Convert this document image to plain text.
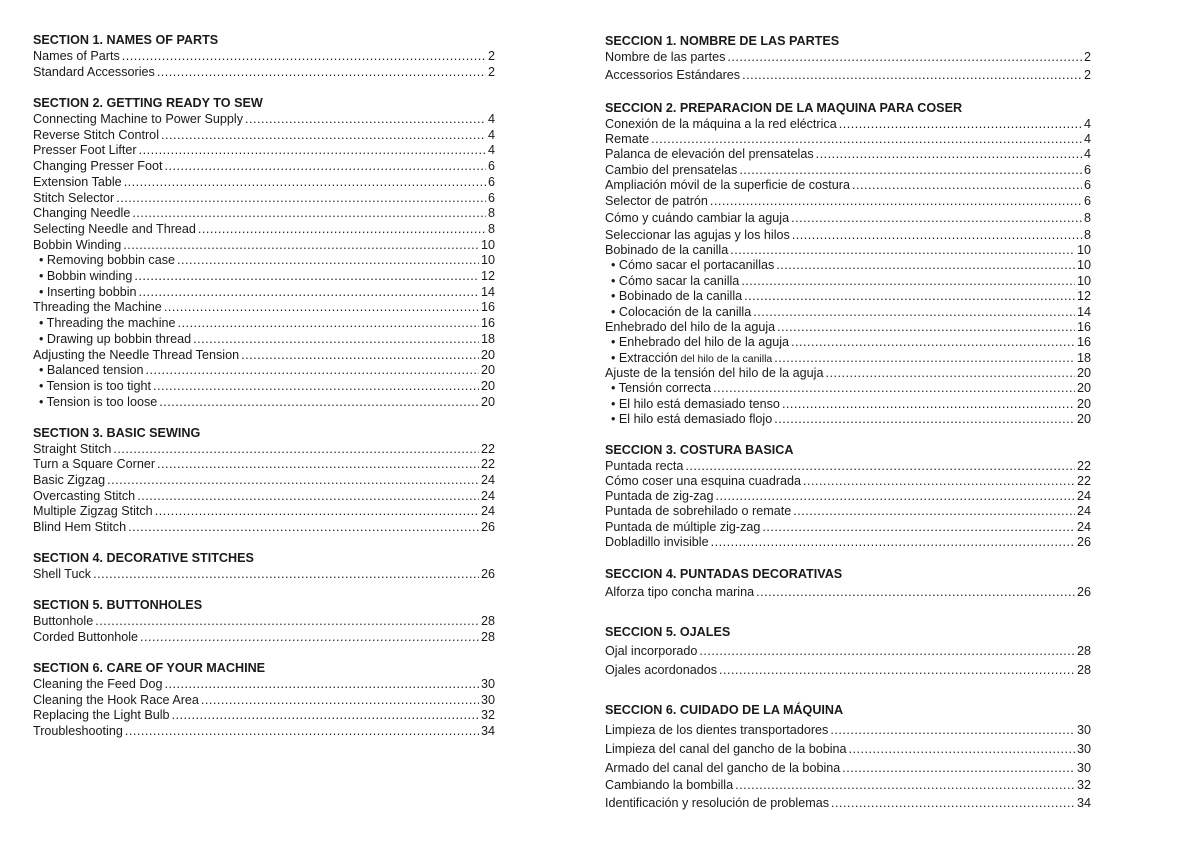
SECTION 1. NAMES OF PARTS
Names of Parts .....	2
Standard Accessories .....	2
SECTION 2. GETTING READY TO SEW
Connecting Machine to Power Supply .....	4
Reverse Stitch Control .....	4
Presser Foot Lifter .....	4
Changing Presser Foot .....	6
Extension Table .....	6
Stitch Selector .....	6
Changing Needle .....	8
Selecting Needle and Thread .....	8
Bobbin Winding .....	10
• Removing bobbin case .....	10
• Bobbin winding .....	12
• Inserting bobbin .....	14
Threading the Machine .....	16
• Threading the machine .....	16
• Drawing up bobbin thread .....	18
Adjusting the Needle Thread Tension .....	20
• Balanced tension .....	20
• Tension is too tight .....	20
• Tension is too loose .....	20
SECTION 3. BASIC SEWING
Straight Stitch .....	22
Turn a Square Corner .....	22
Basic Zigzag .....	24
Overcasting Stitch .....	24
Multiple Zigzag Stitch .....	24
Blind Hem Stitch .....	26
SECTION 4. DECORATIVE STITCHES
Shell Tuck .....	26
SECTION 5. BUTTONHOLES
Buttonhole .....	28
Corded Buttonhole .....	28
SECTION 6. CARE OF YOUR MACHINE
Cleaning the Feed Dog .....	30
Cleaning the Hook Race Area .....	30
Replacing the Light Bulb .....	32
Troubleshooting .....	34
SECCION 1. NOMBRE DE LAS PARTES
Nombre de las partes .....	2
Accessorios Estándares .....	2
SECCION 2. PREPARACION DE LA MAQUINA PARA COSER
Conexión de la máquina a la red eléctrica .....	4
Remate .....	4
Palanca de elevación del prensatelas .....	4
Cambio del prensatelas .....	6
Ampliación móvil de la superficie de costura .....	6
Selector de patrón .....	6
Cómo y cuándo cambiar la aguja .....	8
Seleccionar las agujas y los hilos .....	8
Bobinado de la canilla .....	10
• Cómo sacar el portacanillas .....	10
• Cómo sacar la canilla .....	10
• Bobinado de la canilla .....	12
• Colocación de la canilla .....	14
Enhebrado del hilo de la aguja .....	16
• Enhebrado del hilo de la aguja .....	16
• Extracción del hilo de la canilla .....	18
Ajuste de la tensión del hilo de la aguja .....	20
• Tensión correcta .....	20
• El hilo está demasiado tenso .....	20
• El hilo está demasiado flojo .....	20
SECCION 3. COSTURA BASICA
Puntada recta .....	22
Cómo coser una esquina cuadrada .....	22
Puntada de zig-zag .....	24
Puntada de sobrehilado o remate .....	24
Puntada de múltiple zig-zag .....	24
Dobladillo invisible .....	26
SECCION 4. PUNTADAS DECORATIVAS
Alforza tipo concha marina .....	26
SECCION 5. OJALES
Ojal incorporado .....	28
Ojales acordonados .....	28
SECCION 6. CUIDADO DE LA MÁQUINA
Limpieza de los dientes transportadores .....	30
Limpieza del canal del gancho de la bobina .....	30
Armado del canal del gancho de la bobina .....	30
Cambiando la bombilla .....	32
Identificación y resolución de problemas .....	34
